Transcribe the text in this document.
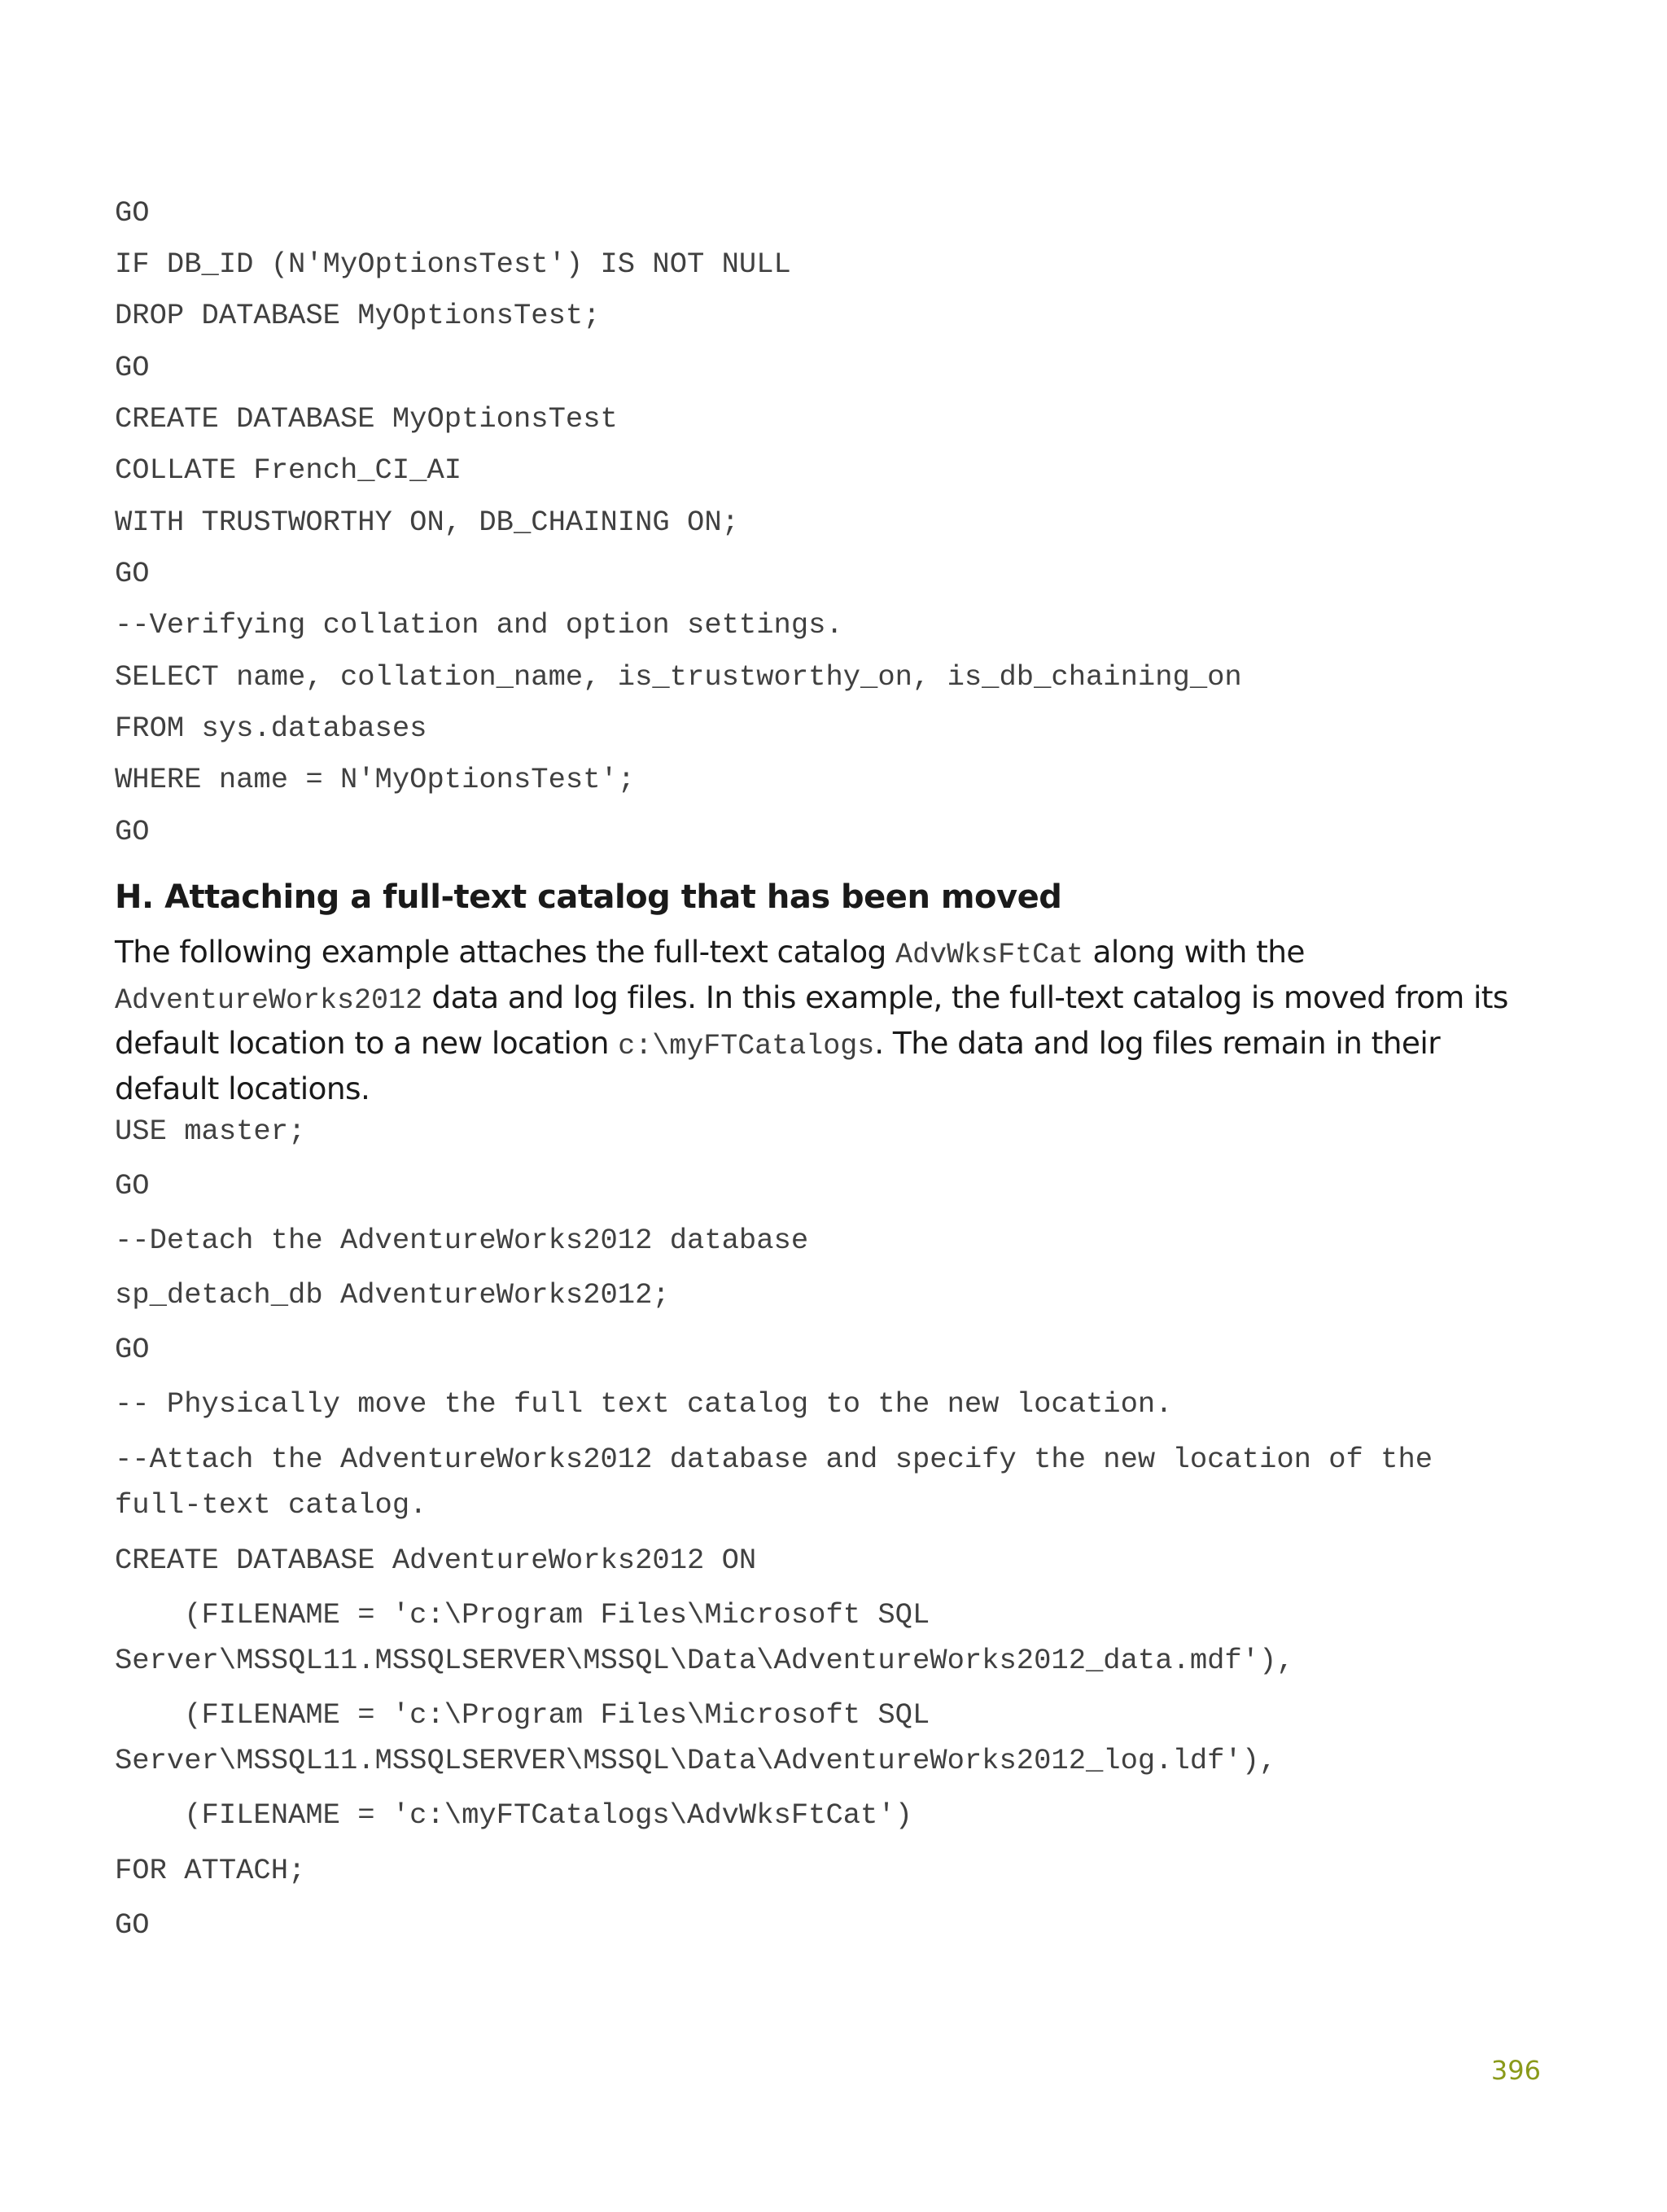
GO
IF DB_ID (N'MyOptionsTest') IS NOT NULL
DROP DATABASE MyOptionsTest;
GO
CREATE DATABASE MyOptionsTest
COLLATE French_CI_AI
WITH TRUSTWORTHY ON, DB_CHAINING ON;
GO
--Verifying collation and option settings.
SELECT name, collation_name, is_trustworthy_on, is_db_chaining_on
FROM sys.databases
WHERE name = N'MyOptionsTest';
GO
H. Attaching a full-text catalog that has been moved

The following example attaches the full-text catalog AdvWksFtCat along with the AdventureWorks2012 data and log files. In this example, the full-text catalog is moved from its default location to a new location c:\myFTCatalogs. The data and log files remain in their default locations.

USE master;
GO
--Detach the AdventureWorks2012 database
sp_detach_db AdventureWorks2012;
GO
-- Physically move the full text catalog to the new location.
--Attach the AdventureWorks2012 database and specify the new location of the
full-text catalog.
CREATE DATABASE AdventureWorks2012 ON
(FILENAME = 'c:\Program Files\Microsoft SQL
Server\MSSQL11.MSSQLSERVER\MSSQL\Data\AdventureWorks2012_data.mdf'),
(FILENAME = 'c:\Program Files\Microsoft SQL
Server\MSSQL11.MSSQLSERVER\MSSQL\Data\AdventureWorks2012_log.ldf'),
(FILENAME = 'c:\myFTCatalogs\AdvWksFtCat')
FOR ATTACH;
GO
396
